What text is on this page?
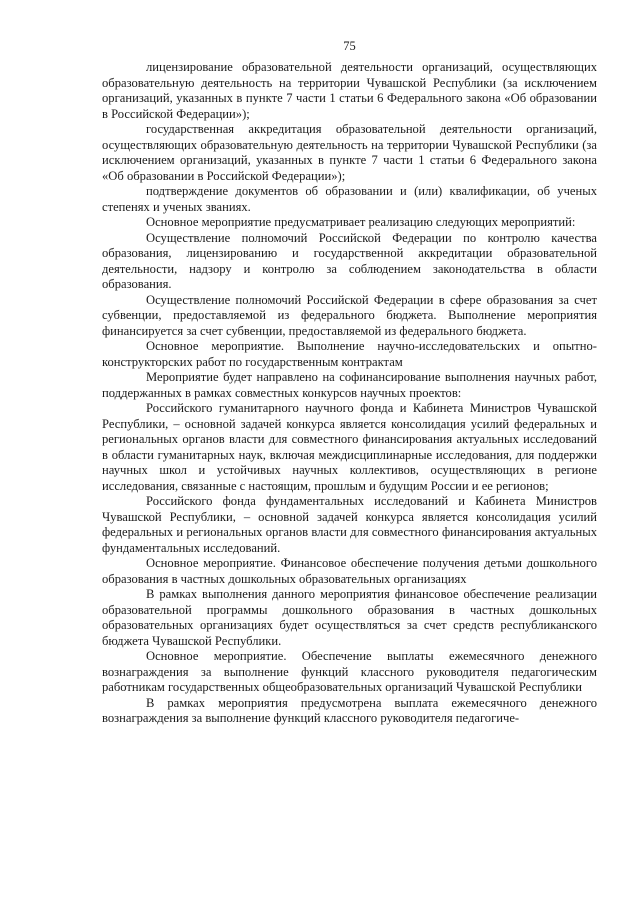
75

лицензирование образовательной деятельности организаций, осуществляющих образовательную деятельность на территории Чувашской Республики (за исключением организаций, указанных в пункте 7 части 1 статьи 6 Федерального закона «Об образовании в Российской Федерации»);

государственная аккредитация образовательной деятельности организаций, осуществляющих образовательную деятельность на территории Чувашской Республики (за исключением организаций, указанных в пункте 7 части 1 статьи 6 Федерального закона «Об образовании в Российской Федерации»);

подтверждение документов об образовании и (или) квалификации, об ученых степенях и ученых званиях.

Основное мероприятие предусматривает реализацию следующих мероприятий:

Осуществление полномочий Российской Федерации по контролю качества образования, лицензированию и государственной аккредитации образовательной деятельности, надзору и контролю за соблюдением законодательства в области образования.

Осуществление полномочий Российской Федерации в сфере образования за счет субвенции, предоставляемой из федерального бюджета. Выполнение мероприятия финансируется за счет субвенции, предоставляемой из федерального бюджета.

Основное мероприятие. Выполнение научно-исследовательских и опытно-конструкторских работ по государственным контрактам

Мероприятие будет направлено на софинансирование выполнения научных работ, поддержанных в рамках совместных конкурсов научных проектов:

Российского гуманитарного научного фонда и Кабинета Министров Чувашской Республики, – основной задачей конкурса является консолидация усилий федеральных и региональных органов власти для совместного финансирования актуальных исследований в области гуманитарных наук, включая междисциплинарные исследования, для поддержки научных школ и устойчивых научных коллективов, осуществляющих в регионе исследования, связанные с настоящим, прошлым и будущим России и ее регионов;

Российского фонда фундаментальных исследований и Кабинета Министров Чувашской Республики, – основной задачей конкурса является консолидация усилий федеральных и региональных органов власти для совместного финансирования актуальных фундаментальных исследований.

Основное мероприятие. Финансовое обеспечение получения детьми дошкольного образования в частных дошкольных образовательных организациях

В рамках выполнения данного мероприятия финансовое обеспечение реализации образовательной программы дошкольного образования в частных дошкольных образовательных организациях будет осуществляться за счет средств республиканского бюджета Чувашской Республики.

Основное мероприятие. Обеспечение выплаты ежемесячного денежного вознаграждения за выполнение функций классного руководителя педагогическим работникам государственных общеобразовательных организаций Чувашской Республики

В рамках мероприятия предусмотрена выплата ежемесячного денежного вознаграждения за выполнение функций классного руководителя педагогиче-
